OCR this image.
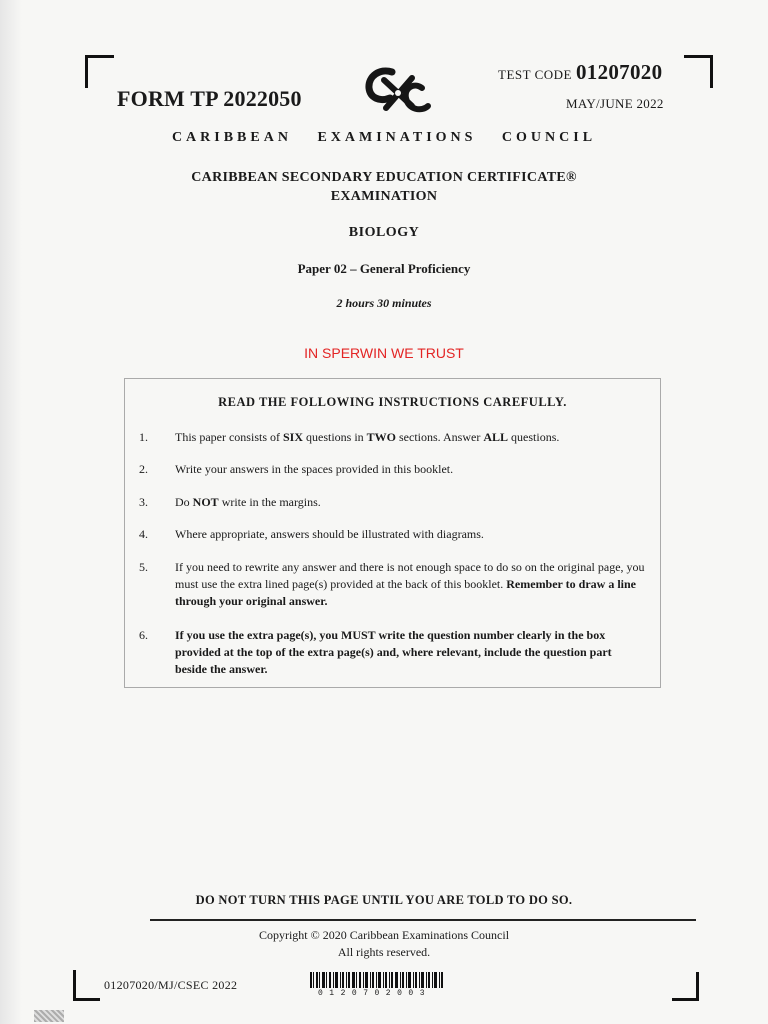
FORM TP 2022050
TEST CODE 01207020
MAY/JUNE 2022
CARIBBEAN EXAMINATIONS COUNCIL
CARIBBEAN SECONDARY EDUCATION CERTIFICATE®
EXAMINATION
BIOLOGY
Paper 02 – General Proficiency
2 hours 30 minutes
IN SPERWIN WE TRUST
READ THE FOLLOWING INSTRUCTIONS CAREFULLY.
1.	This paper consists of SIX questions in TWO sections. Answer ALL questions.
2.	Write your answers in the spaces provided in this booklet.
3.	Do NOT write in the margins.
4.	Where appropriate, answers should be illustrated with diagrams.
5.	If you need to rewrite any answer and there is not enough space to do so on the original page, you must use the extra lined page(s) provided at the back of this booklet. Remember to draw a line through your original answer.
6.	If you use the extra page(s), you MUST write the question number clearly in the box provided at the top of the extra page(s) and, where relevant, include the question part beside the answer.
DO NOT TURN THIS PAGE UNTIL YOU ARE TOLD TO DO SO.
Copyright © 2020 Caribbean Examinations Council
All rights reserved.
01207020/MJ/CSEC 2022
01207020​03
